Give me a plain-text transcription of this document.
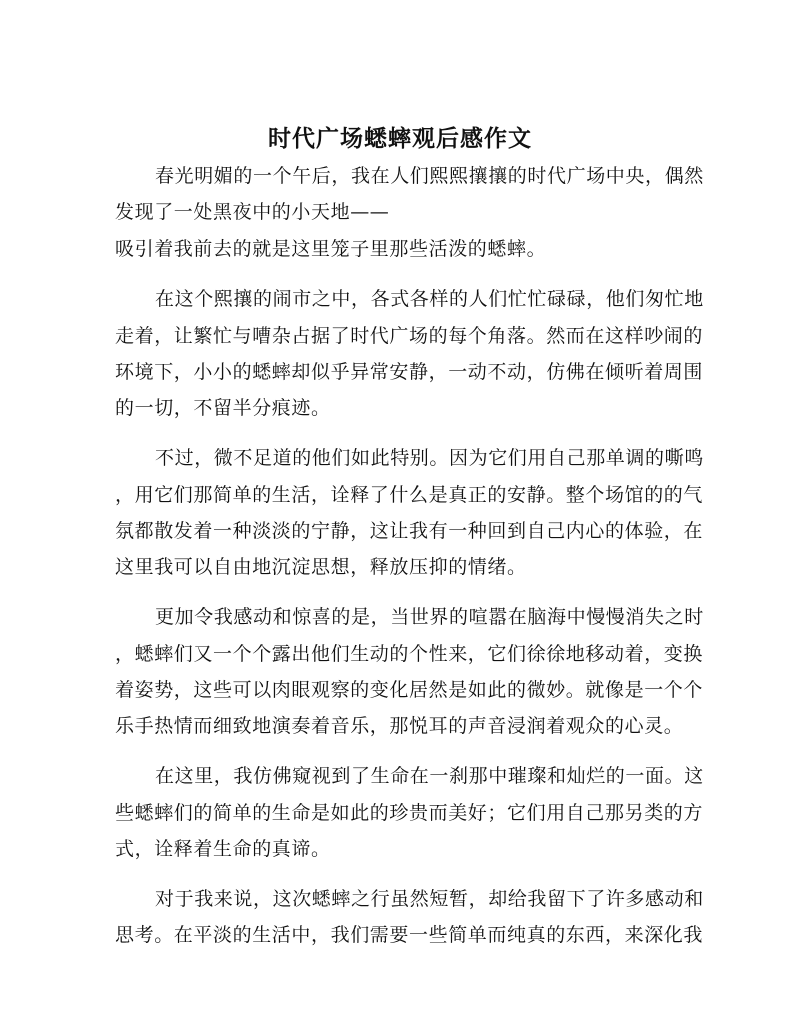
时代广场蟋蟀观后感作文
春光明媚的一个午后，我在人们熙熙攘攘的时代广场中央，偶然
发现了一处黑夜中的小天地——
吸引着我前去的就是这里笼子里那些活泼的蟋蟀。
在这个熙攘的闹市之中，各式各样的人们忙忙碌碌，他们匆忙地
走着，让繁忙与嘈杂占据了时代广场的每个角落。然而在这样吵闹的
环境下，小小的蟋蟀却似乎异常安静，一动不动，仿佛在倾听着周围
的一切，不留半分痕迹。
不过，微不足道的他们如此特别。因为它们用自己那单调的嘶鸣
，用它们那简单的生活，诠释了什么是真正的安静。整个场馆的的气
氛都散发着一种淡淡的宁静，这让我有一种回到自己内心的体验，在
这里我可以自由地沉淀思想，释放压抑的情绪。
更加令我感动和惊喜的是，当世界的喧嚣在脑海中慢慢消失之时
，蟋蟀们又一个个露出他们生动的个性来，它们徐徐地移动着，变换
着姿势，这些可以肉眼观察的变化居然是如此的微妙。就像是一个个
乐手热情而细致地演奏着音乐，那悦耳的声音浸润着观众的心灵。
在这里，我仿佛窥视到了生命在一刹那中璀璨和灿烂的一面。这
些蟋蟀们的简单的生命是如此的珍贵而美好；它们用自己那另类的方
式，诠释着生命的真谛。
对于我来说，这次蟋蟀之行虽然短暂，却给我留下了许多感动和
思考。在平淡的生活中，我们需要一些简单而纯真的东西，来深化我
